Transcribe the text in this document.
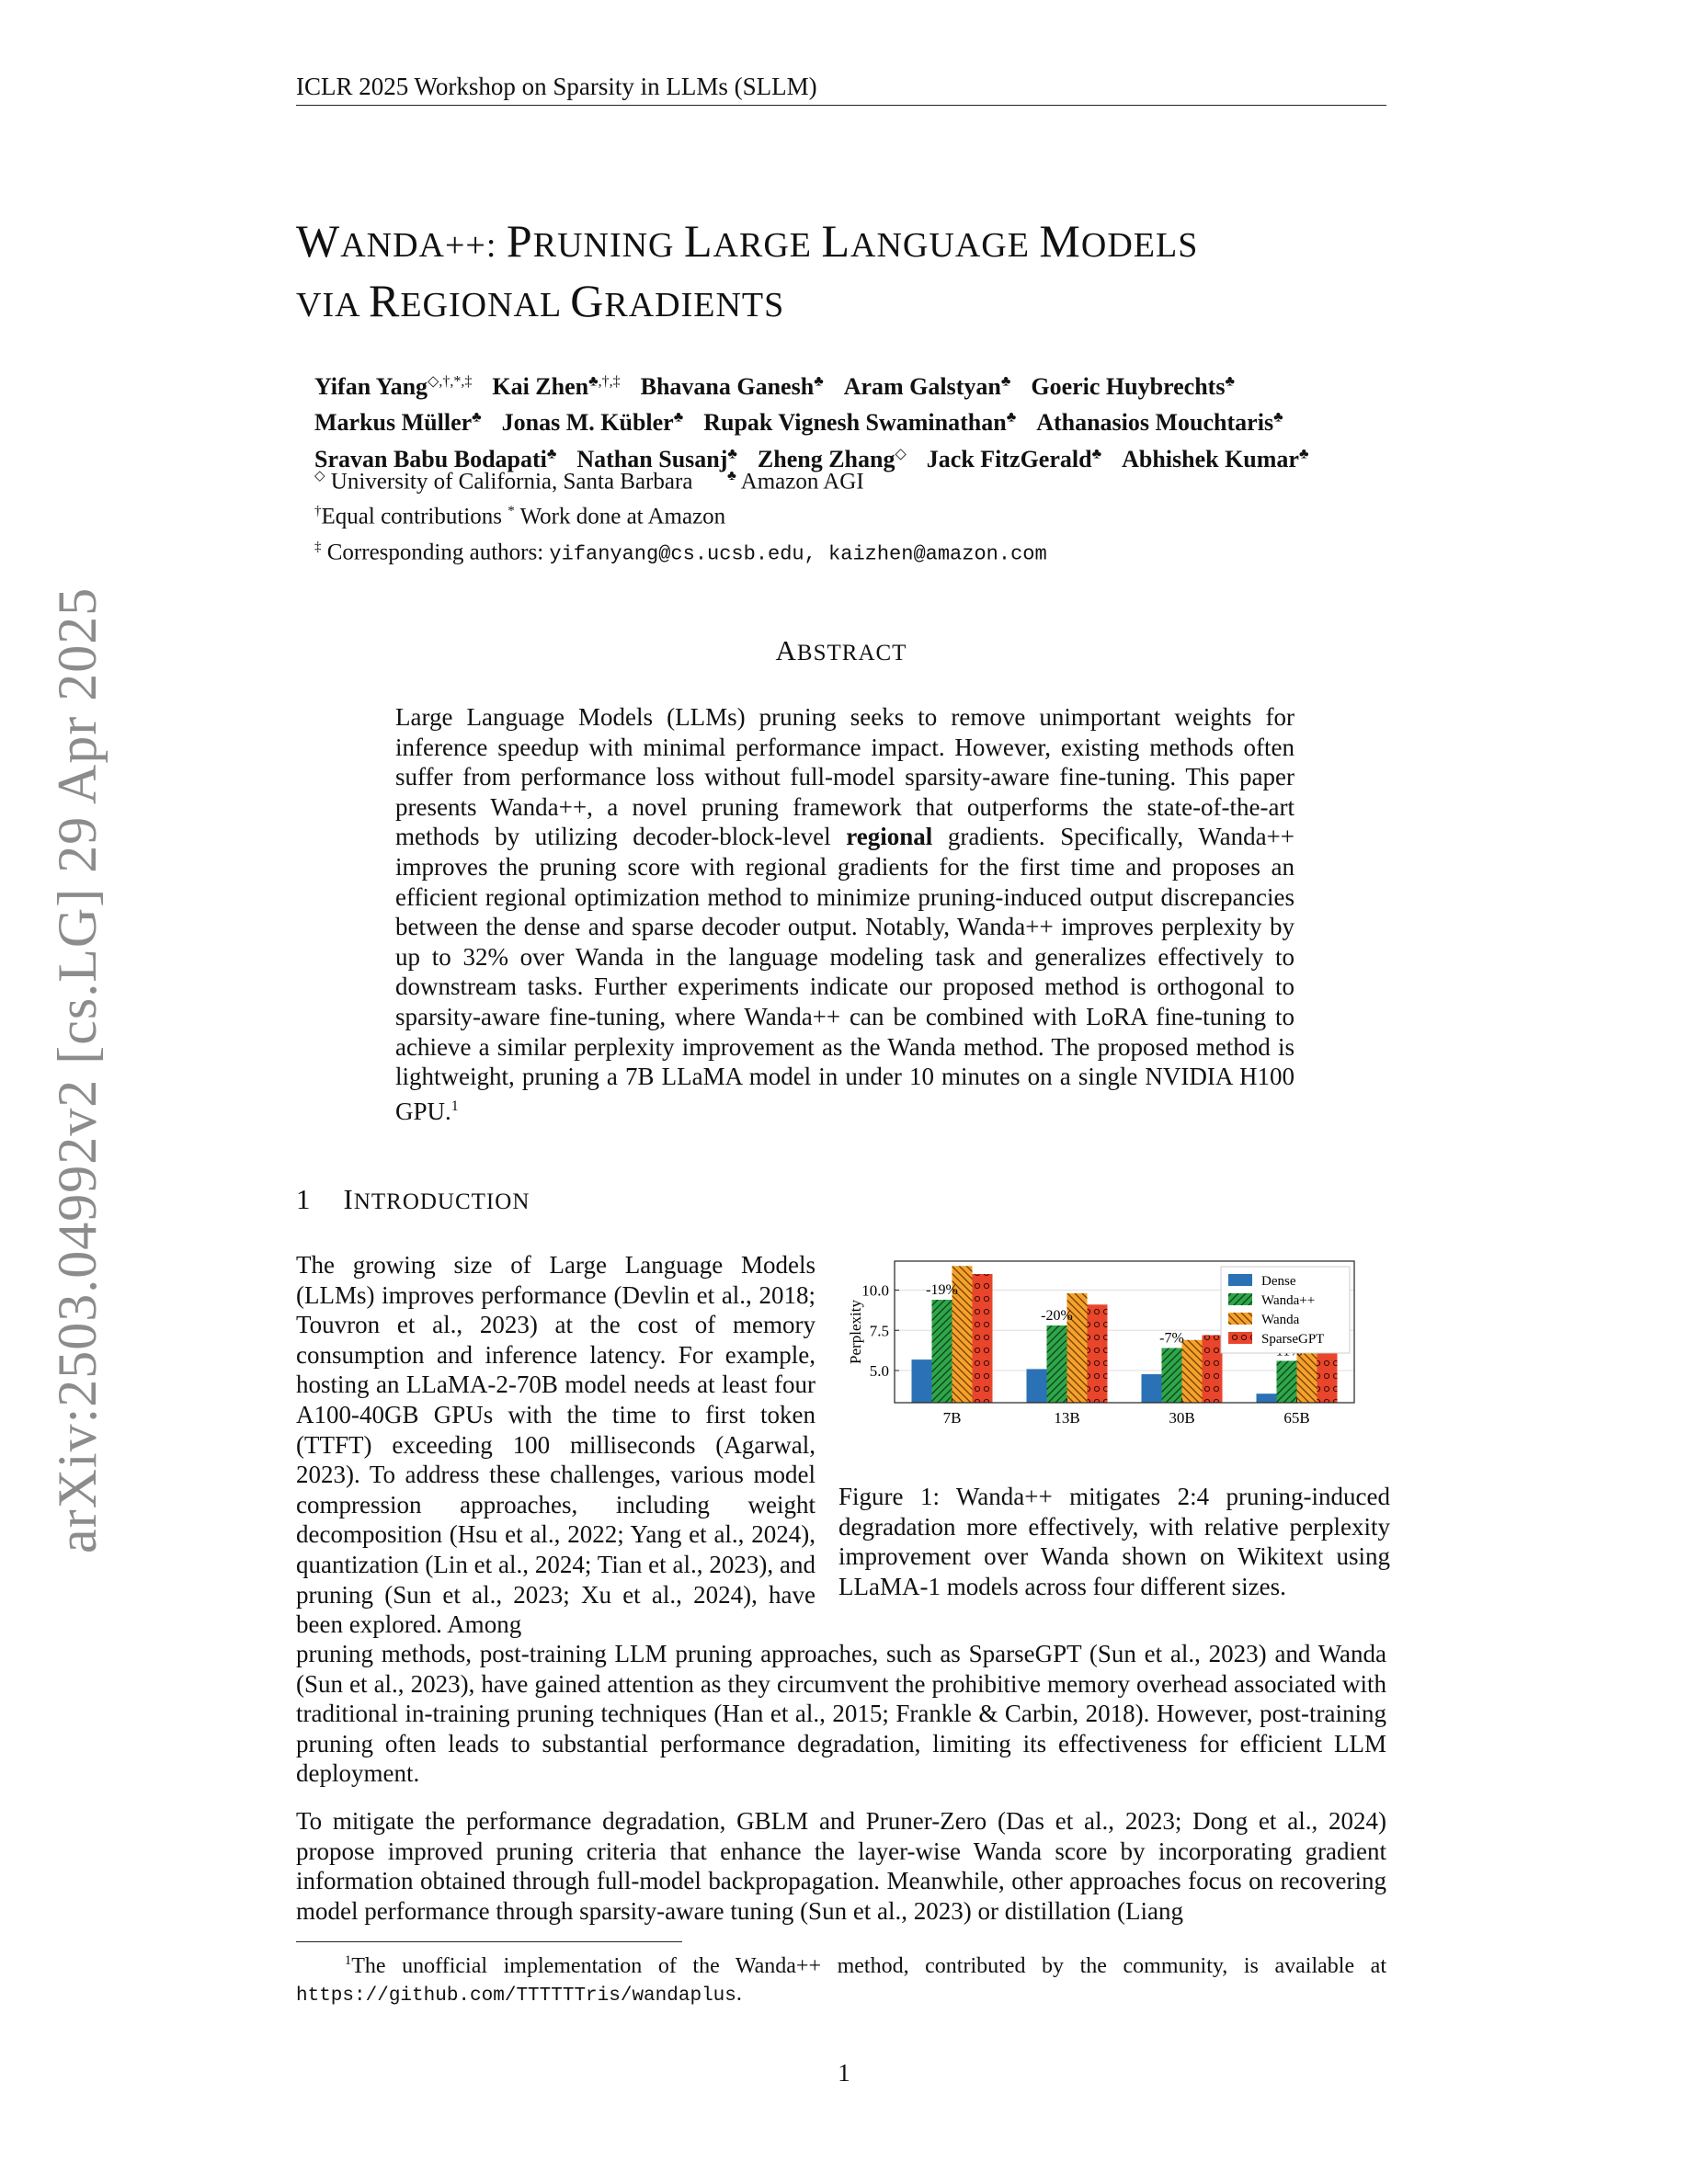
ICLR 2025 Workshop on Sparsity in LLMs (SLLM)
WANDA++: PRUNING LARGE LANGUAGE MODELS
VIA REGIONAL GRADIENTS
Yifan Yang◇,†,*,‡ Kai Zhen♣,†,‡ Bhavana Ganesh♣ Aram Galstyan♣ Goeric Huybrechts♣
Markus Müller♣ Jonas M. Kübler♣ Rupak Vignesh Swaminathan♣ Athanasios Mouchtaris♣
Sravan Babu Bodapati♣ Nathan Susanj♣ Zheng Zhang◇ Jack FitzGerald♣ Abhishek Kumar♣
◇ University of California, Santa Barbara	♣ Amazon AGI
†Equal contributions * Work done at Amazon
‡ Corresponding authors: yifanyang@cs.ucsb.edu, kaizhen@amazon.com
arXiv:2503.04992v2 [cs.LG] 29 Apr 2025	ABSTRACT
Large Language Models (LLMs) pruning seeks to remove unimportant weights for inference speedup with minimal performance impact. However, existing methods often suffer from performance loss without full-model sparsity-aware fine-tuning. This paper presents Wanda++, a novel pruning framework that outperforms the state-of-the-art methods by utilizing decoder-block-level regional gradients. Specifically, Wanda++ improves the pruning score with regional gradients for the first time and proposes an efficient regional optimization method to minimize pruning-induced output discrepancies between the dense and sparse decoder output. Notably, Wanda++ improves perplexity by up to 32% over Wanda in the language modeling task and generalizes effectively to downstream tasks. Further experiments indicate our proposed method is orthogonal to sparsity-aware fine-tuning, where Wanda++ can be combined with LoRA fine-tuning to achieve a similar perplexity improvement as the Wanda method. The proposed method is lightweight, pruning a 7B LLaMA model in under 10 minutes on a single NVIDIA H100 GPU.$^1$
1 INTRODUCTION
The growing size of Large Language Models (LLMs) improves performance (Devlin et al., 2018; Touvron et al., 2023) at the cost of memory consumption and inference latency. For example, hosting an LLaMA-2-70B model needs at least four A100-40GB GPUs with the time to first token (TTFT) exceeding 100 milliseconds (Agarwal, 2023). To address these challenges, various model compression approaches, including weight decomposition (Hsu et al., 2022; Yang et al., 2024), quantization (Lin et al., 2024; Tian et al., 2023), and pruning (Sun et al., 2023; Xu et al., 2024), have been explored. Among
pruning methods, post-training LLM pruning approaches, such as SparseGPT (Sun et al., 2023) and Wanda (Sun et al., 2023), have gained attention as they circumvent the prohibitive memory overhead associated with traditional in-training pruning techniques (Han et al., 2015; Frankle & Carbin, 2018). However, post-training pruning often leads to substantial performance degradation, limiting its effectiveness for efficient LLM deployment.
To mitigate the performance degradation, GBLM and Pruner-Zero (Das et al., 2023; Dong et al., 2024) propose improved pruning criteria that enhance the layer-wise Wanda score by incorporating gradient information obtained through full-model backpropagation. Meanwhile, other approaches focus on recovering model performance through sparsity-aware tuning (Sun et al., 2023) or distillation (Liang
5.0
7.5
10.0
7B	13B	30B	65B
-19%
-20%
-7%
Perplexity
Dense
Wanda++
Wanda
SparseGPT
Figure 1: Wanda++ mitigates 2:4 pruning-induced degradation more effectively, with relative perplexity improvement over Wanda shown on Wikitext using LLaMA-1 models across four different sizes.
$^1$The unofficial implementation of the Wanda++ method, contributed by the community, is available at https://github.com/TTTTTTris/wandaplus.
1
